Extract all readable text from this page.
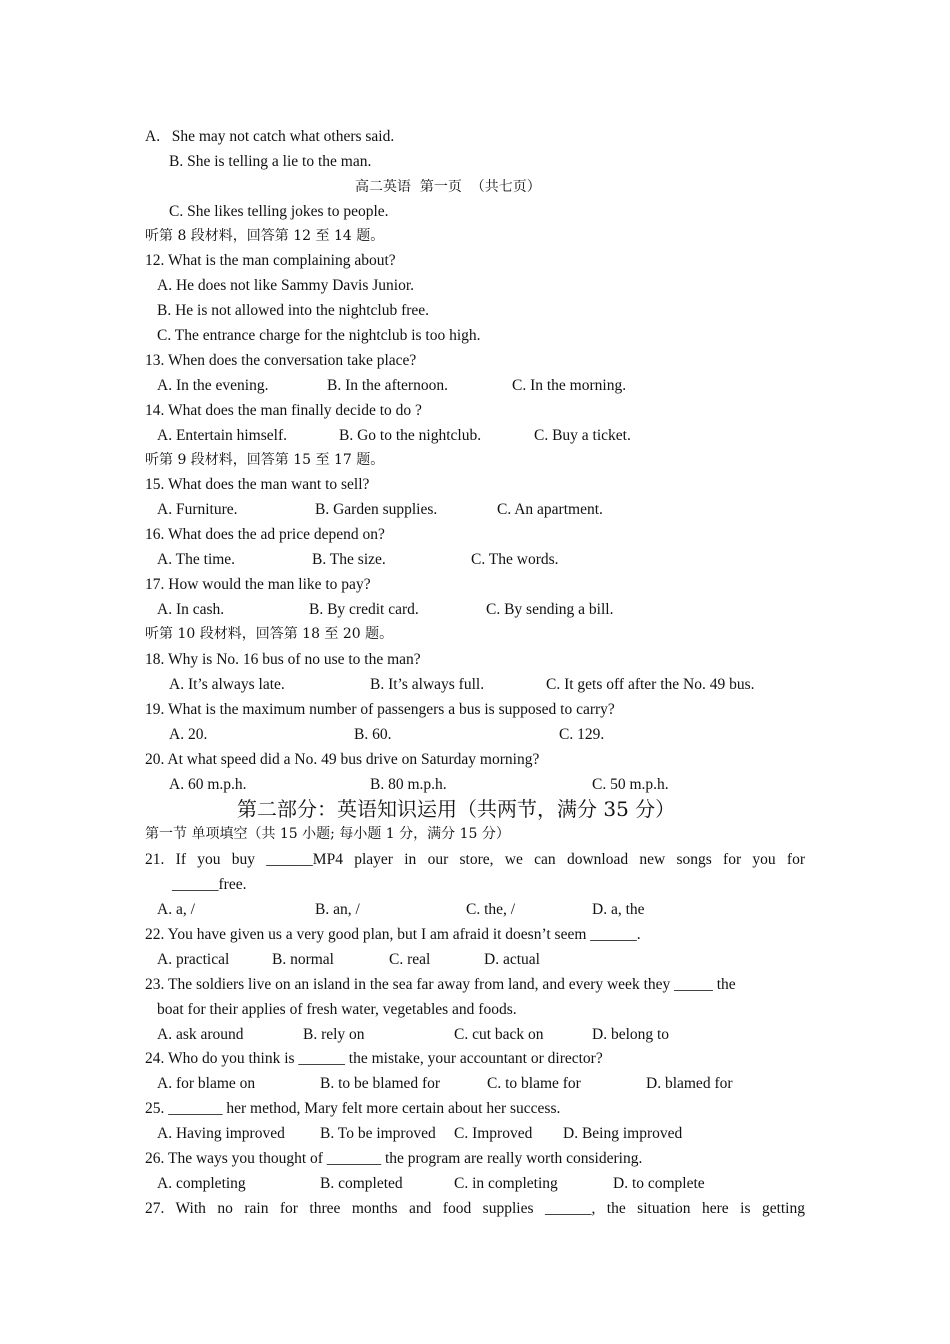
A.   She may not catch what others said.
B. She is telling a lie to the man.
高二英语  第一页  （共七页）
C. She likes telling jokes to people.
听第 8 段材料，回答第 12 至 14 题。
12. What is the man complaining about?
A. He does not like Sammy Davis Junior.
B. He is not allowed into the nightclub free.
C. The entrance charge for the nightclub is too high.
13. When does the conversation take place?
A. In the evening.	B. In the afternoon.	C. In the morning.
14. What does the man finally decide to do ?
A. Entertain himself.	B. Go to the nightclub.	C. Buy a ticket.
听第 9 段材料，回答第 15 至 17 题。
15. What does the man want to sell?
A. Furniture.	B. Garden supplies.	C. An apartment.
16. What does the ad price depend on?
A. The time.	B. The size.	C. The words.
17. How would the man like to pay?
A. In cash.	B. By credit card.	C. By sending a bill.
听第 10 段材料，回答第 18 至 20 题。
18. Why is No. 16 bus of no use to the man?
A. It’s always late.	B. It’s always full.	C. It gets off after the No. 49 bus.
19. What is the maximum number of passengers a bus is supposed to carry?
A. 20.	B. 60.	C. 129.
20. At what speed did a No. 49 bus drive on Saturday morning?
A. 60 m.p.h.	B. 80 m.p.h.	C. 50 m.p.h.
第二部分：英语知识运用（共两节，满分 35 分）
第一节 单项填空（共 15 小题; 每小题 1 分，满分 15 分）
21. If you buy ______MP4 player in our store, we can download new songs for you for
______free.
A. a, /	B. an, /	C. the, /	D. a, the
22. You have given us a very good plan, but I am afraid it doesn’t seem ______.
A. practical	B. normal	C. real	D. actual
23. The soldiers live on an island in the sea far away from land, and every week they _____ the
boat for their applies of fresh water, vegetables and foods.
A. ask around	B. rely on	C. cut back on	D. belong to
24. Who do you think is ______ the mistake, your accountant or director?
A. for blame on	B. to be blamed for	C. to blame for	D. blamed for
25. _______ her method, Mary felt more certain about her success.
A. Having improved B. To be improved C. Improved D. Being improved
26. The ways you thought of _______ the program are really worth considering.
A. completing	B. completed	C. in completing	D. to complete
27. With no rain for three months and food supplies ______, the situation here is getting
